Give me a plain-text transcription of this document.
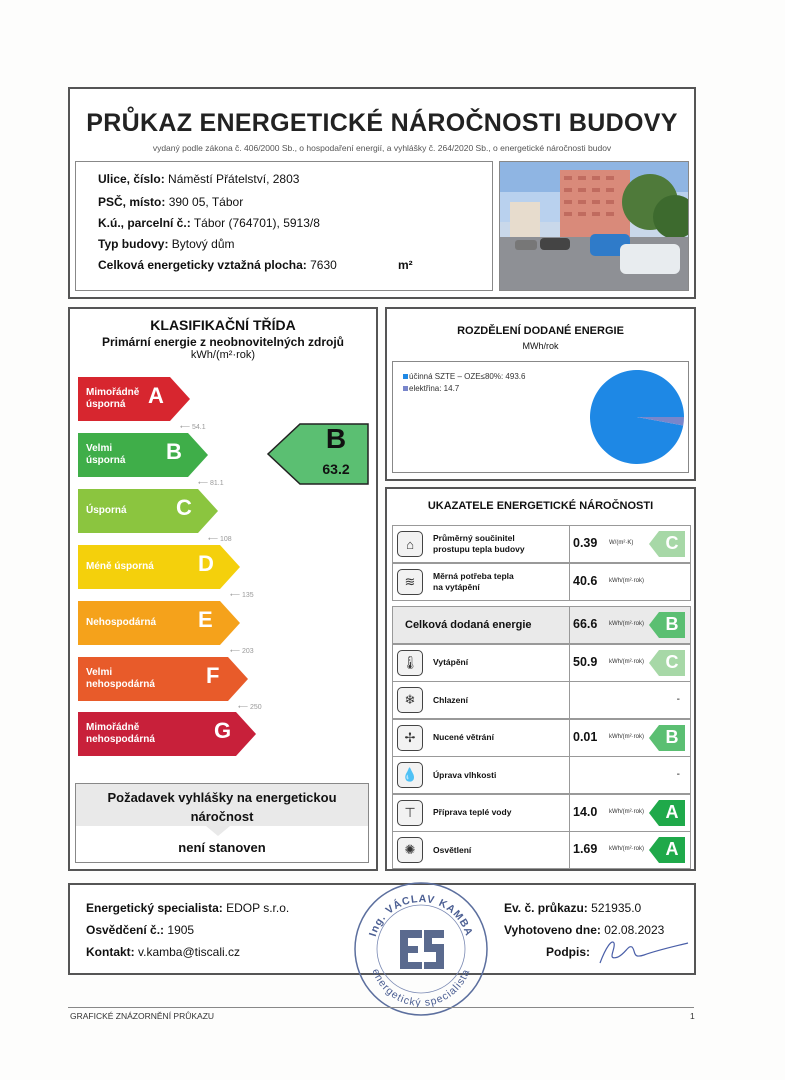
PRŮKAZ ENERGETICKÉ NÁROČNOSTI BUDOVY
vydaný podle zákona č. 406/2000 Sb., o hospodaření energií, a vyhlášky č. 264/2020 Sb., o energetické náročnosti budov
Ulice, číslo: Náměstí Přátelství, 2803
PSČ, místo: 390 05, Tábor
K.ú., parcelní č.: Tábor (764701), 5913/8
Typ budovy: Bytový dům
Celková energeticky vztažná plocha: 7630	m²
KLASIFIKAČNÍ TŘÍDA
Primární energie z neobnovitelných zdrojů
kWh/(m²·rok)
Mimořádně
úsporná	A
Velmi
úsporná B
Úsporná C
Méně úsporná D
Nehospodárná E
Velmi
nehospodárná F
Mimořádně
nehospodárná	G
⟵ 54.1
⟵ 81.1
⟵ 108
⟵ 135
⟵ 203
⟵ 250
B
63.2
Požadavek vyhlášky na energetickou náročnost
není stanoven
ROZDĚLENÍ DODANÉ ENERGIE
MWh/rok
účinná SZTE – OZE≤80%: 493.6
elektřina: 14.7
UKAZATELE ENERGETICKÉ NÁROČNOSTI
⌂	Průměrný součinitel
prostupu tepla budovy	0.39 W/(m²·K)	C
≋	Měrná potřeba tepla
na vytápění	40.6 kWh/(m²·rok)
Celková dodaná energie	66.6 kWh/(m²·rok)	B
🌡	Vytápění	50.9 kWh/(m²·rok)	C
❄	Chlazení	-
✢	Nucené větrání	0.01 kWh/(m²·rok)	B
💧	Úprava vlhkosti	-
⊤	Příprava teplé vody	14.0 kWh/(m²·rok)	A
✺	Osvětlení	1.69 kWh/(m²·rok)	A
Energetický specialista: EDOP s.r.o.
Osvědčení č.: 1905
Kontakt: v.kamba@tiscali.cz
Ev. č. průkazu: 521935.0
Vyhotoveno dne: 02.08.2023
Podpis:
Ing. VÁCLAV KAMBA
energetický specialista
GRAFICKÉ ZNÁZORNĚNÍ PRŮKAZU	1
